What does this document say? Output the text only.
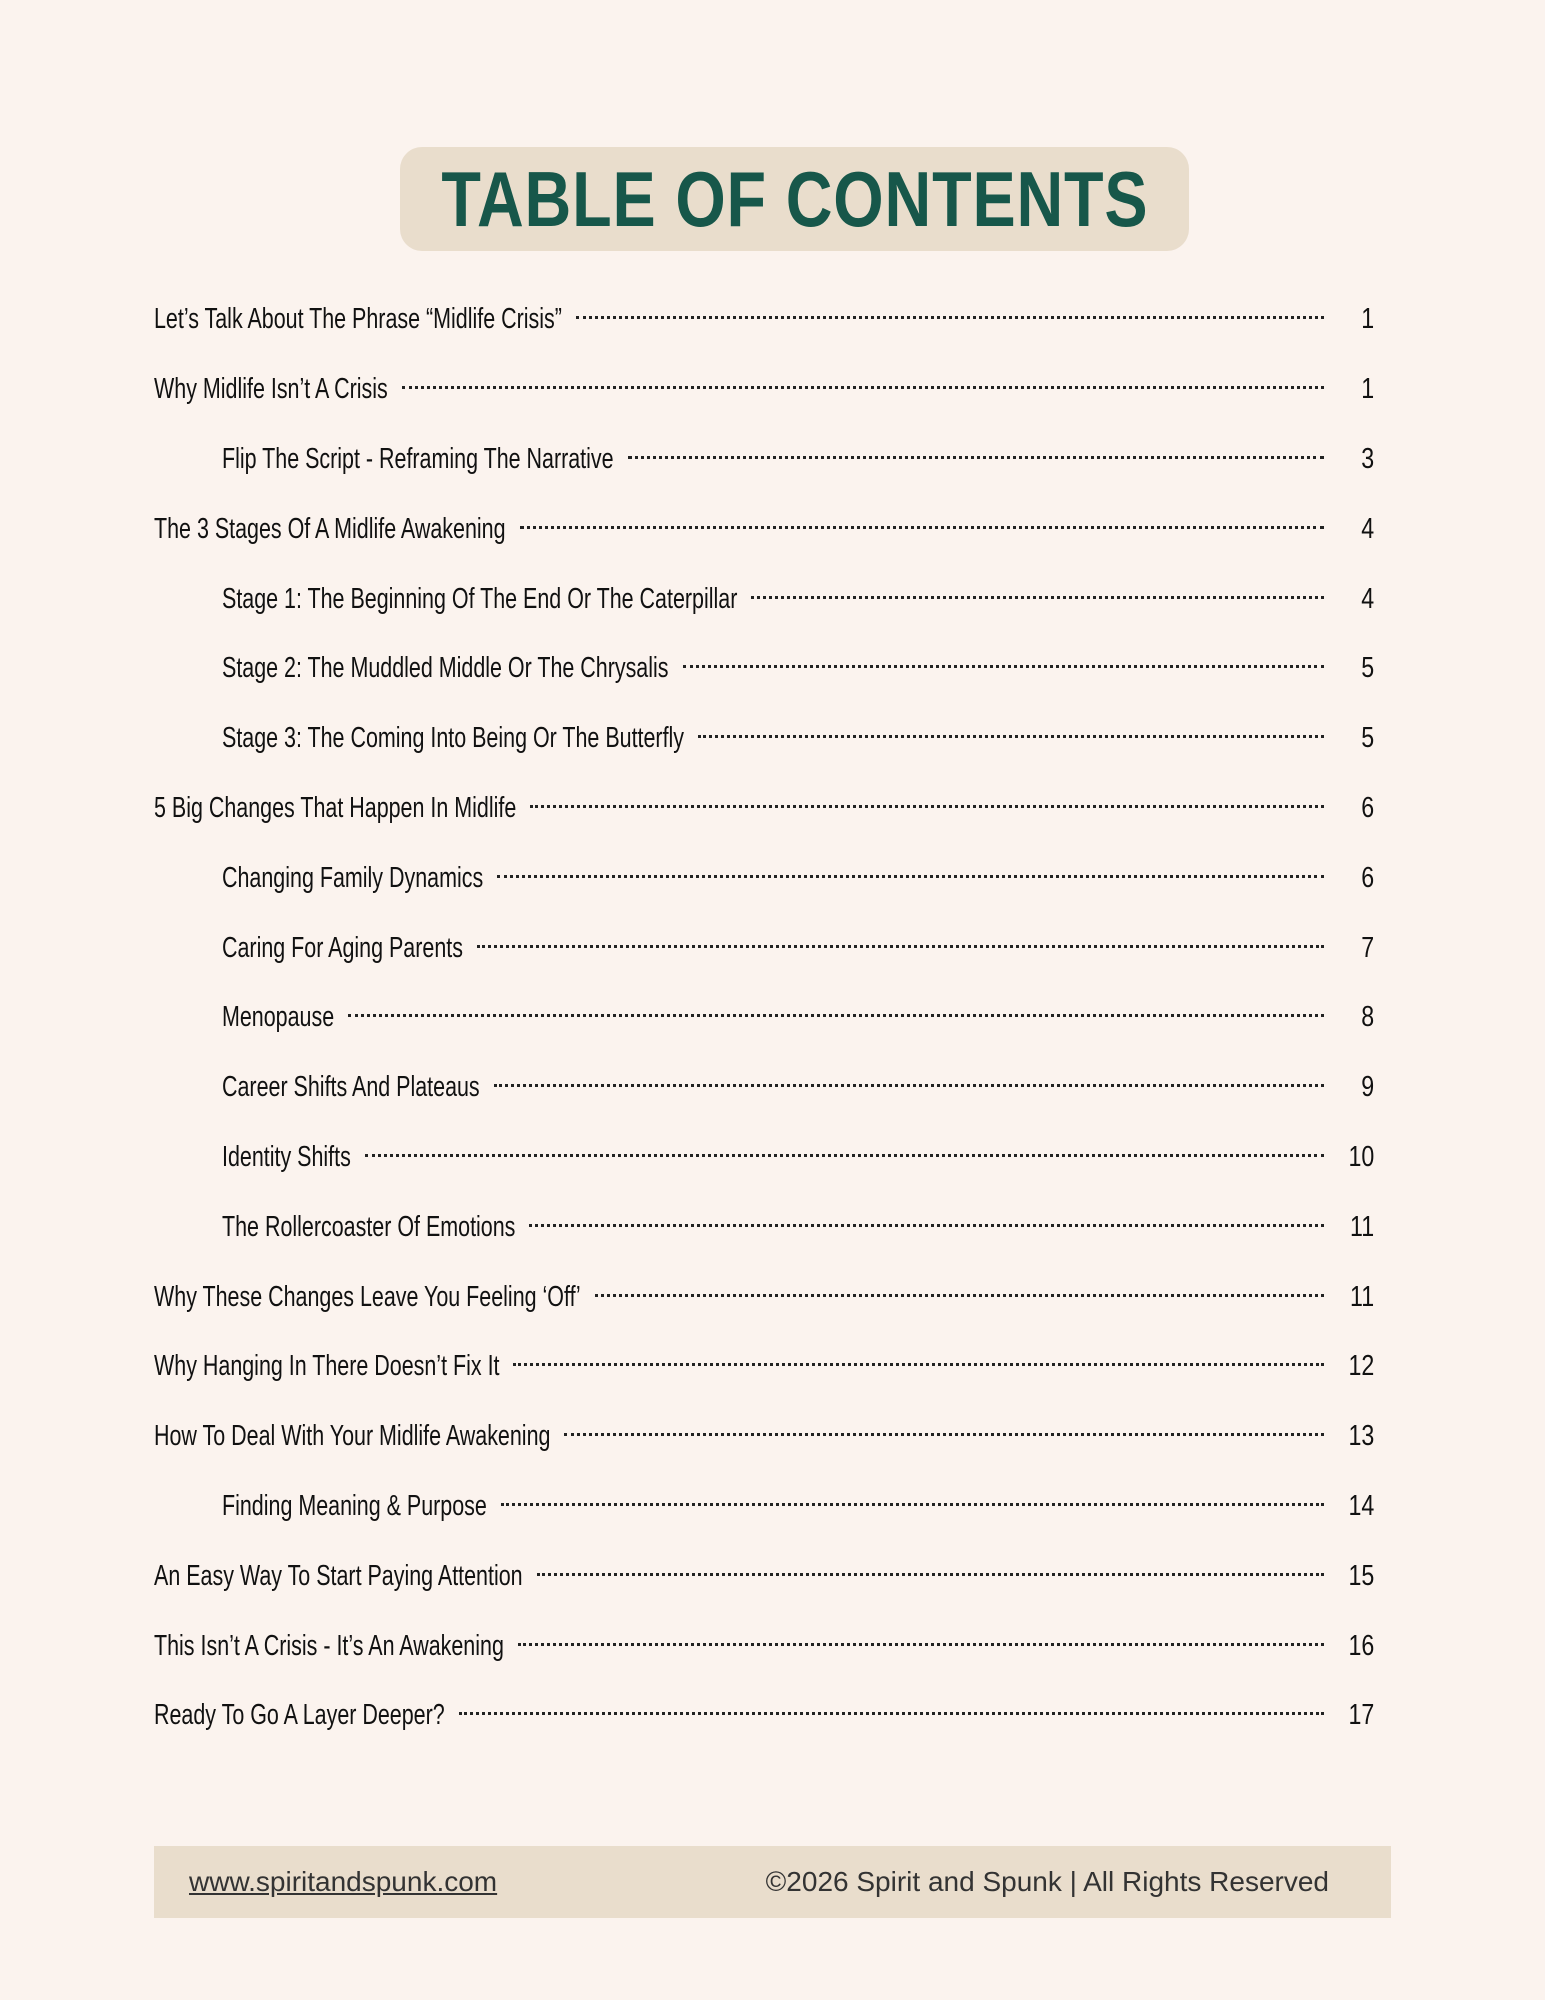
TABLE OF CONTENTS
Let’s Talk About The Phrase “Midlife Crisis”	1
Why Midlife Isn’t A Crisis	1
Flip The Script - Reframing The Narrative	3
The 3 Stages Of A Midlife Awakening	4
Stage 1: The Beginning Of The End Or The Caterpillar	4
Stage 2: The Muddled Middle Or The Chrysalis	5
Stage 3: The Coming Into Being Or The Butterfly	5
5 Big Changes That Happen In Midlife	6
Changing Family Dynamics	6
Caring For Aging Parents	7
Menopause	8
Career Shifts And Plateaus	9
Identity Shifts	10
The Rollercoaster Of Emotions	11
Why These Changes Leave You Feeling ‘Off’	11
Why Hanging In There Doesn’t Fix It	12
How To Deal With Your Midlife Awakening	13
Finding Meaning & Purpose	14
An Easy Way To Start Paying Attention	15
This Isn’t A Crisis - It’s An Awakening	16
Ready To Go A Layer Deeper?	17
www.spiritandspunk.com	©2026 Spirit and Spunk | All Rights Reserved
